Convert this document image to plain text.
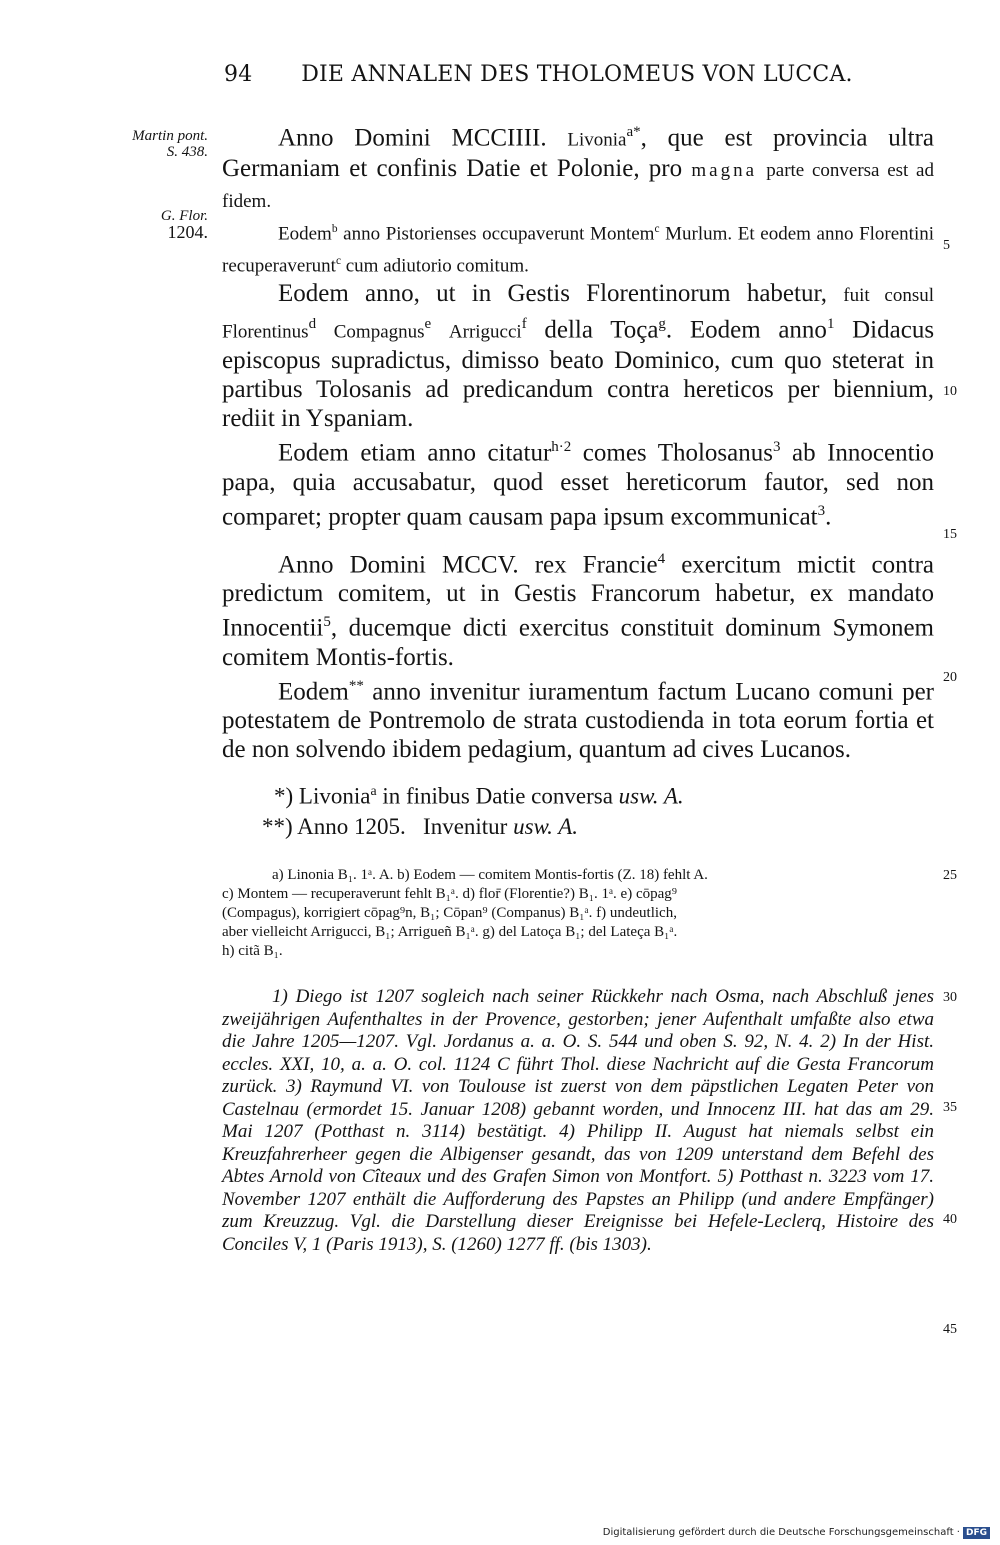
94 DIE ANNALEN DES THOLOMEUS VON LUCCA.
Martin pont.
S. 438.
G. Flor.
1204.
5
10
15
20
25
30
35
40
45

Anno Domini MCCIIII. Livonia$^{a*}$, que est provincia ultra Germaniam et confinis Datie et Polonie, pro magna parte conversa est ad fidem.

Eodem$^b$ anno Pistorienses occupaverunt Montem$^c$ Murlum. Et eodem anno Florentini recuperaverunt$^c$ cum adiutorio comitum.

Eodem anno, ut in Gestis Florentinorum habetur, fuit consul Florentinus$^d$ Compagnus$^e$ Arrigucci$^f$ della Toça$^g$. Eodem anno$^1$ Didacus episcopus supradictus, dimisso beato Dominico, cum quo steterat in partibus Tolosanis ad predicandum contra hereticos per biennium, rediit in Yspaniam.

Eodem etiam anno citatur$^{h\cdot 2}$ comes Tholosanus$^3$ ab Innocentio papa, quia accusabatur, quod esset hereticorum fautor, sed non comparet; propter quam causam papa ipsum excommunicat$^3$.

Anno Domini MCCV. rex Francie$^4$ exercitum mictit contra predictum comitem, ut in Gestis Francorum habetur, ex mandato Innocentii$^5$, ducemque dicti exercitus constituit dominum Symonem comitem Montis-fortis.

Eodem** anno invenitur iuramentum factum Lucano comuni per potestatem de Pontremolo de strata custodienda in tota eorum fortia et de non solvendo ibidem pedagium, quantum ad cives Lucanos.

*) Livonia$^a$ in finibus Datie conversa usw. A.
**) Anno 1205. Invenitur usw. A.
a) Linonia B₁. 1ᵃ. A. b) Eodem — comitem Montis-fortis (Z. 18) fehlt A.
c) Montem — recuperaverunt fehlt B₁ᵃ. d) flor̄ (Florentie?) B₁. 1ᵃ. e) cōpag⁹
(Compagus), korrigiert cōpag⁹n, B₁; Cōpan⁹ (Companus) B₁ᵃ. f) undeutlich,
aber vielleicht Arrigucci, B₁; Arrigueñ B₁ᵃ. g) del Latoça B₁; del Lateça B₁ᵃ.
h) citã B₁.

1) Diego ist 1207 sogleich nach seiner Rückkehr nach Osma, nach Abschluß jenes zweijährigen Aufenthaltes in der Provence, gestorben; jener Aufenthalt umfaßte also etwa die Jahre 1205—1207. Vgl. Jordanus a. a. O. S. 544 und oben S. 92, N. 4. 2) In der Hist. eccles. XXI, 10, a. a. O. col. 1124 C führt Thol. diese Nachricht auf die Gesta Francorum zurück. 3) Raymund VI. von Toulouse ist zuerst von dem päpstlichen Legaten Peter von Castelnau (ermordet 15. Januar 1208) gebannt worden, und Innocenz III. hat das am 29. Mai 1207 (Potthast n. 3114) bestätigt. 4) Philipp II. August hat niemals selbst ein Kreuzfahrerheer gegen die Albigenser gesandt, das von 1209 unterstand dem Befehl des Abtes Arnold von Cîteaux und des Grafen Simon von Montfort. 5) Potthast n. 3223 vom 17. November 1207 enthält die Aufforderung des Papstes an Philipp (und andere Empfänger) zum Kreuzzug. Vgl. die Darstellung dieser Ereignisse bei Hefele-Leclerq, Histoire des Conciles V, 1 (Paris 1913), S. (1260) 1277 ff. (bis 1303).

Digitalisierung gefördert durch die Deutsche Forschungsgemeinschaft · DFG
